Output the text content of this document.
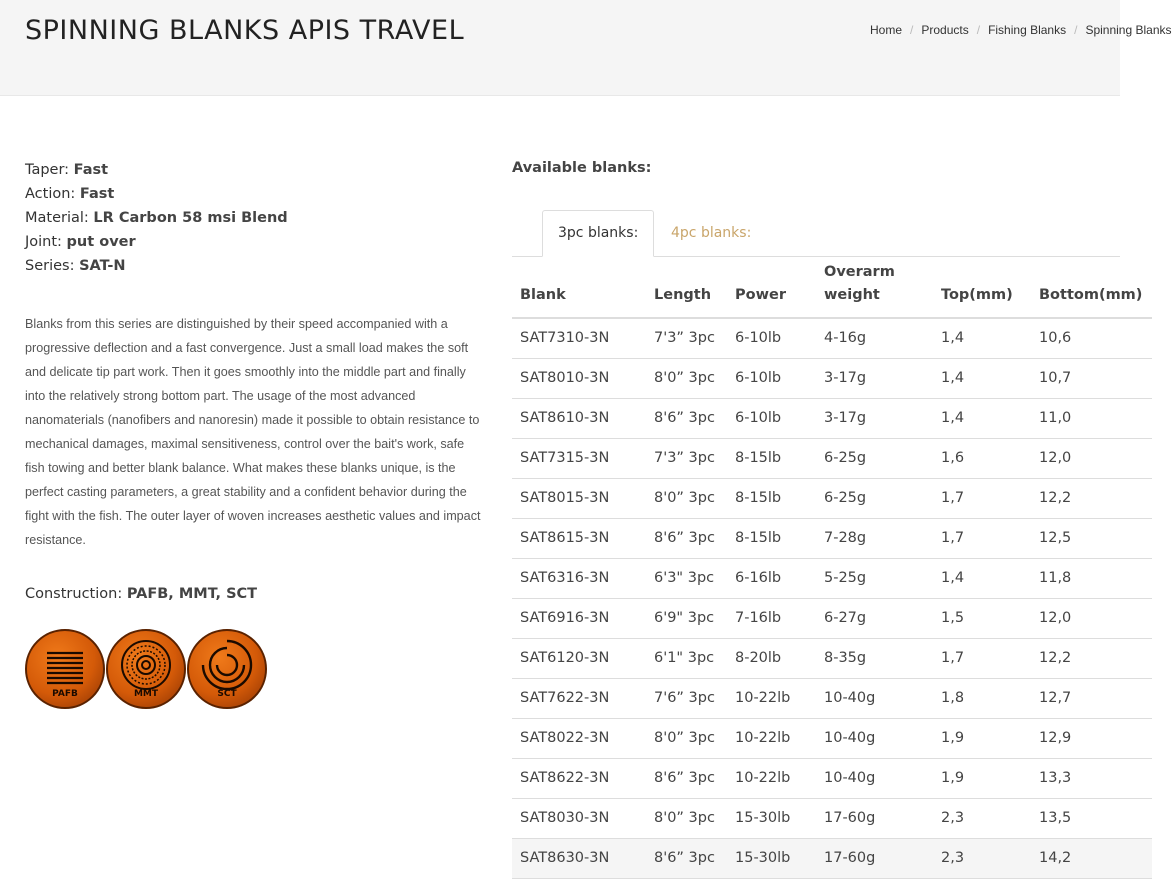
SPINNING BLANKS APIS TRAVEL	Home / Products / Fishing Blanks / Spinning Blanks
Taper: Fast
Action: Fast
Material: LR Carbon 58 msi Blend
Joint: put over
Series: SAT-N

Blanks from this series are distinguished by their speed accompanied with a progressive deflection and a fast convergence. Just a small load makes the soft and delicate tip part work. Then it goes smoothly into the middle part and finally into the relatively strong bottom part. The usage of the most advanced nanomaterials (nanofibers and nanoresin) made it possible to obtain resistance to mechanical damages, maximal sensitiveness, control over the bait's work, safe fish towing and better blank balance. What makes these blanks unique, is the perfect casting parameters, a great stability and a confident behavior during the fight with the fish. The outer layer of woven increases aesthetic values and impact resistance.

Construction: PAFB, MMT, SCT
PAFB	MMT	SCT
Available blanks:
3pc blanks:	4pc blanks:
Blank	Length	Power	Overarm weight	Top(mm)	Bottom(mm)
SAT7310-3N	7'3” 3pc	6-10lb	4-16g	1,4	10,6
SAT8010-3N	8'0” 3pc	6-10lb	3-17g	1,4	10,7
SAT8610-3N	8'6” 3pc	6-10lb	3-17g	1,4	11,0
SAT7315-3N	7'3” 3pc	8-15lb	6-25g	1,6	12,0
SAT8015-3N	8'0” 3pc	8-15lb	6-25g	1,7	12,2
SAT8615-3N	8'6” 3pc	8-15lb	7-28g	1,7	12,5
SAT6316-3N	6'3" 3pc	6-16lb	5-25g	1,4	11,8
SAT6916-3N	6'9" 3pc	7-16lb	6-27g	1,5	12,0
SAT6120-3N	6'1" 3pc	8-20lb	8-35g	1,7	12,2
SAT7622-3N	7'6” 3pc	10-22lb	10-40g	1,8	12,7
SAT8022-3N	8'0” 3pc	10-22lb	10-40g	1,9	12,9
SAT8622-3N	8'6” 3pc	10-22lb	10-40g	1,9	13,3
SAT8030-3N	8'0” 3pc	15-30lb	17-60g	2,3	13,5
SAT8630-3N	8'6” 3pc	15-30lb	17-60g	2,3	14,2
